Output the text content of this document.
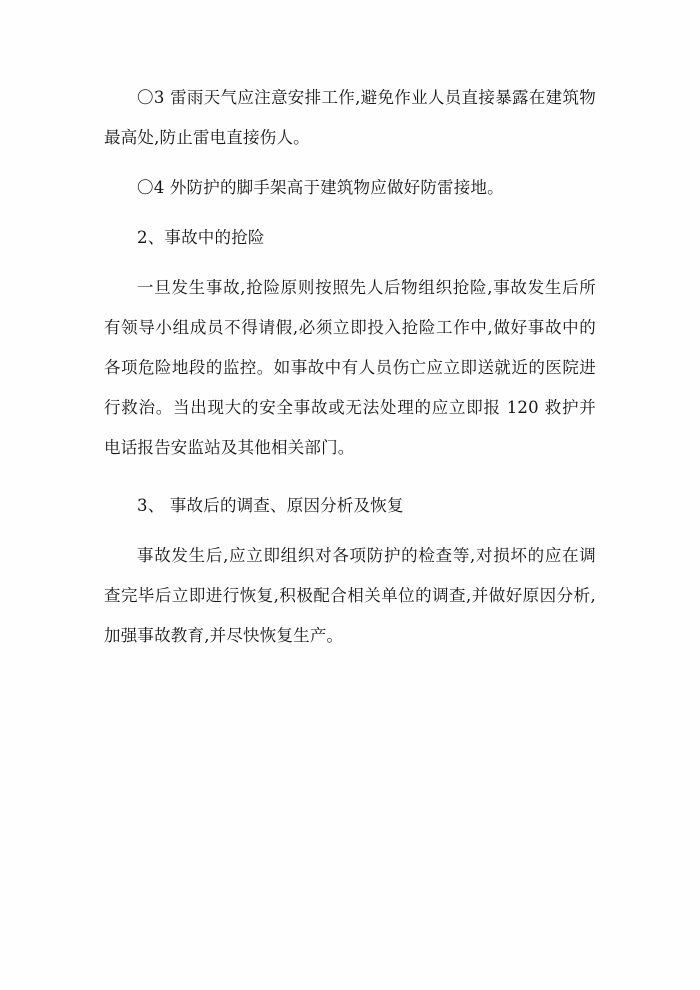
〇3 雷雨天气应注意安排工作,避免作业人员直接暴露在建筑物最高处,防止雷电直接伤人。

〇4 外防护的脚手架高于建筑物应做好防雷接地。

2、事故中的抢险

一旦发生事故,抢险原则按照先人后物组织抢险,事故发生后所有领导小组成员不得请假,必须立即投入抢险工作中,做好事故中的各项危险地段的监控。如事故中有人员伤亡应立即送就近的医院进行救治。当出现大的安全事故或无法处理的应立即报 120 救护并电话报告安监站及其他相关部门。

3、 事故后的调查、原因分析及恢复

事故发生后,应立即组织对各项防护的检查等,对损坏的应在调查完毕后立即进行恢复,积极配合相关单位的调查,并做好原因分析,加强事故教育,并尽快恢复生产。
